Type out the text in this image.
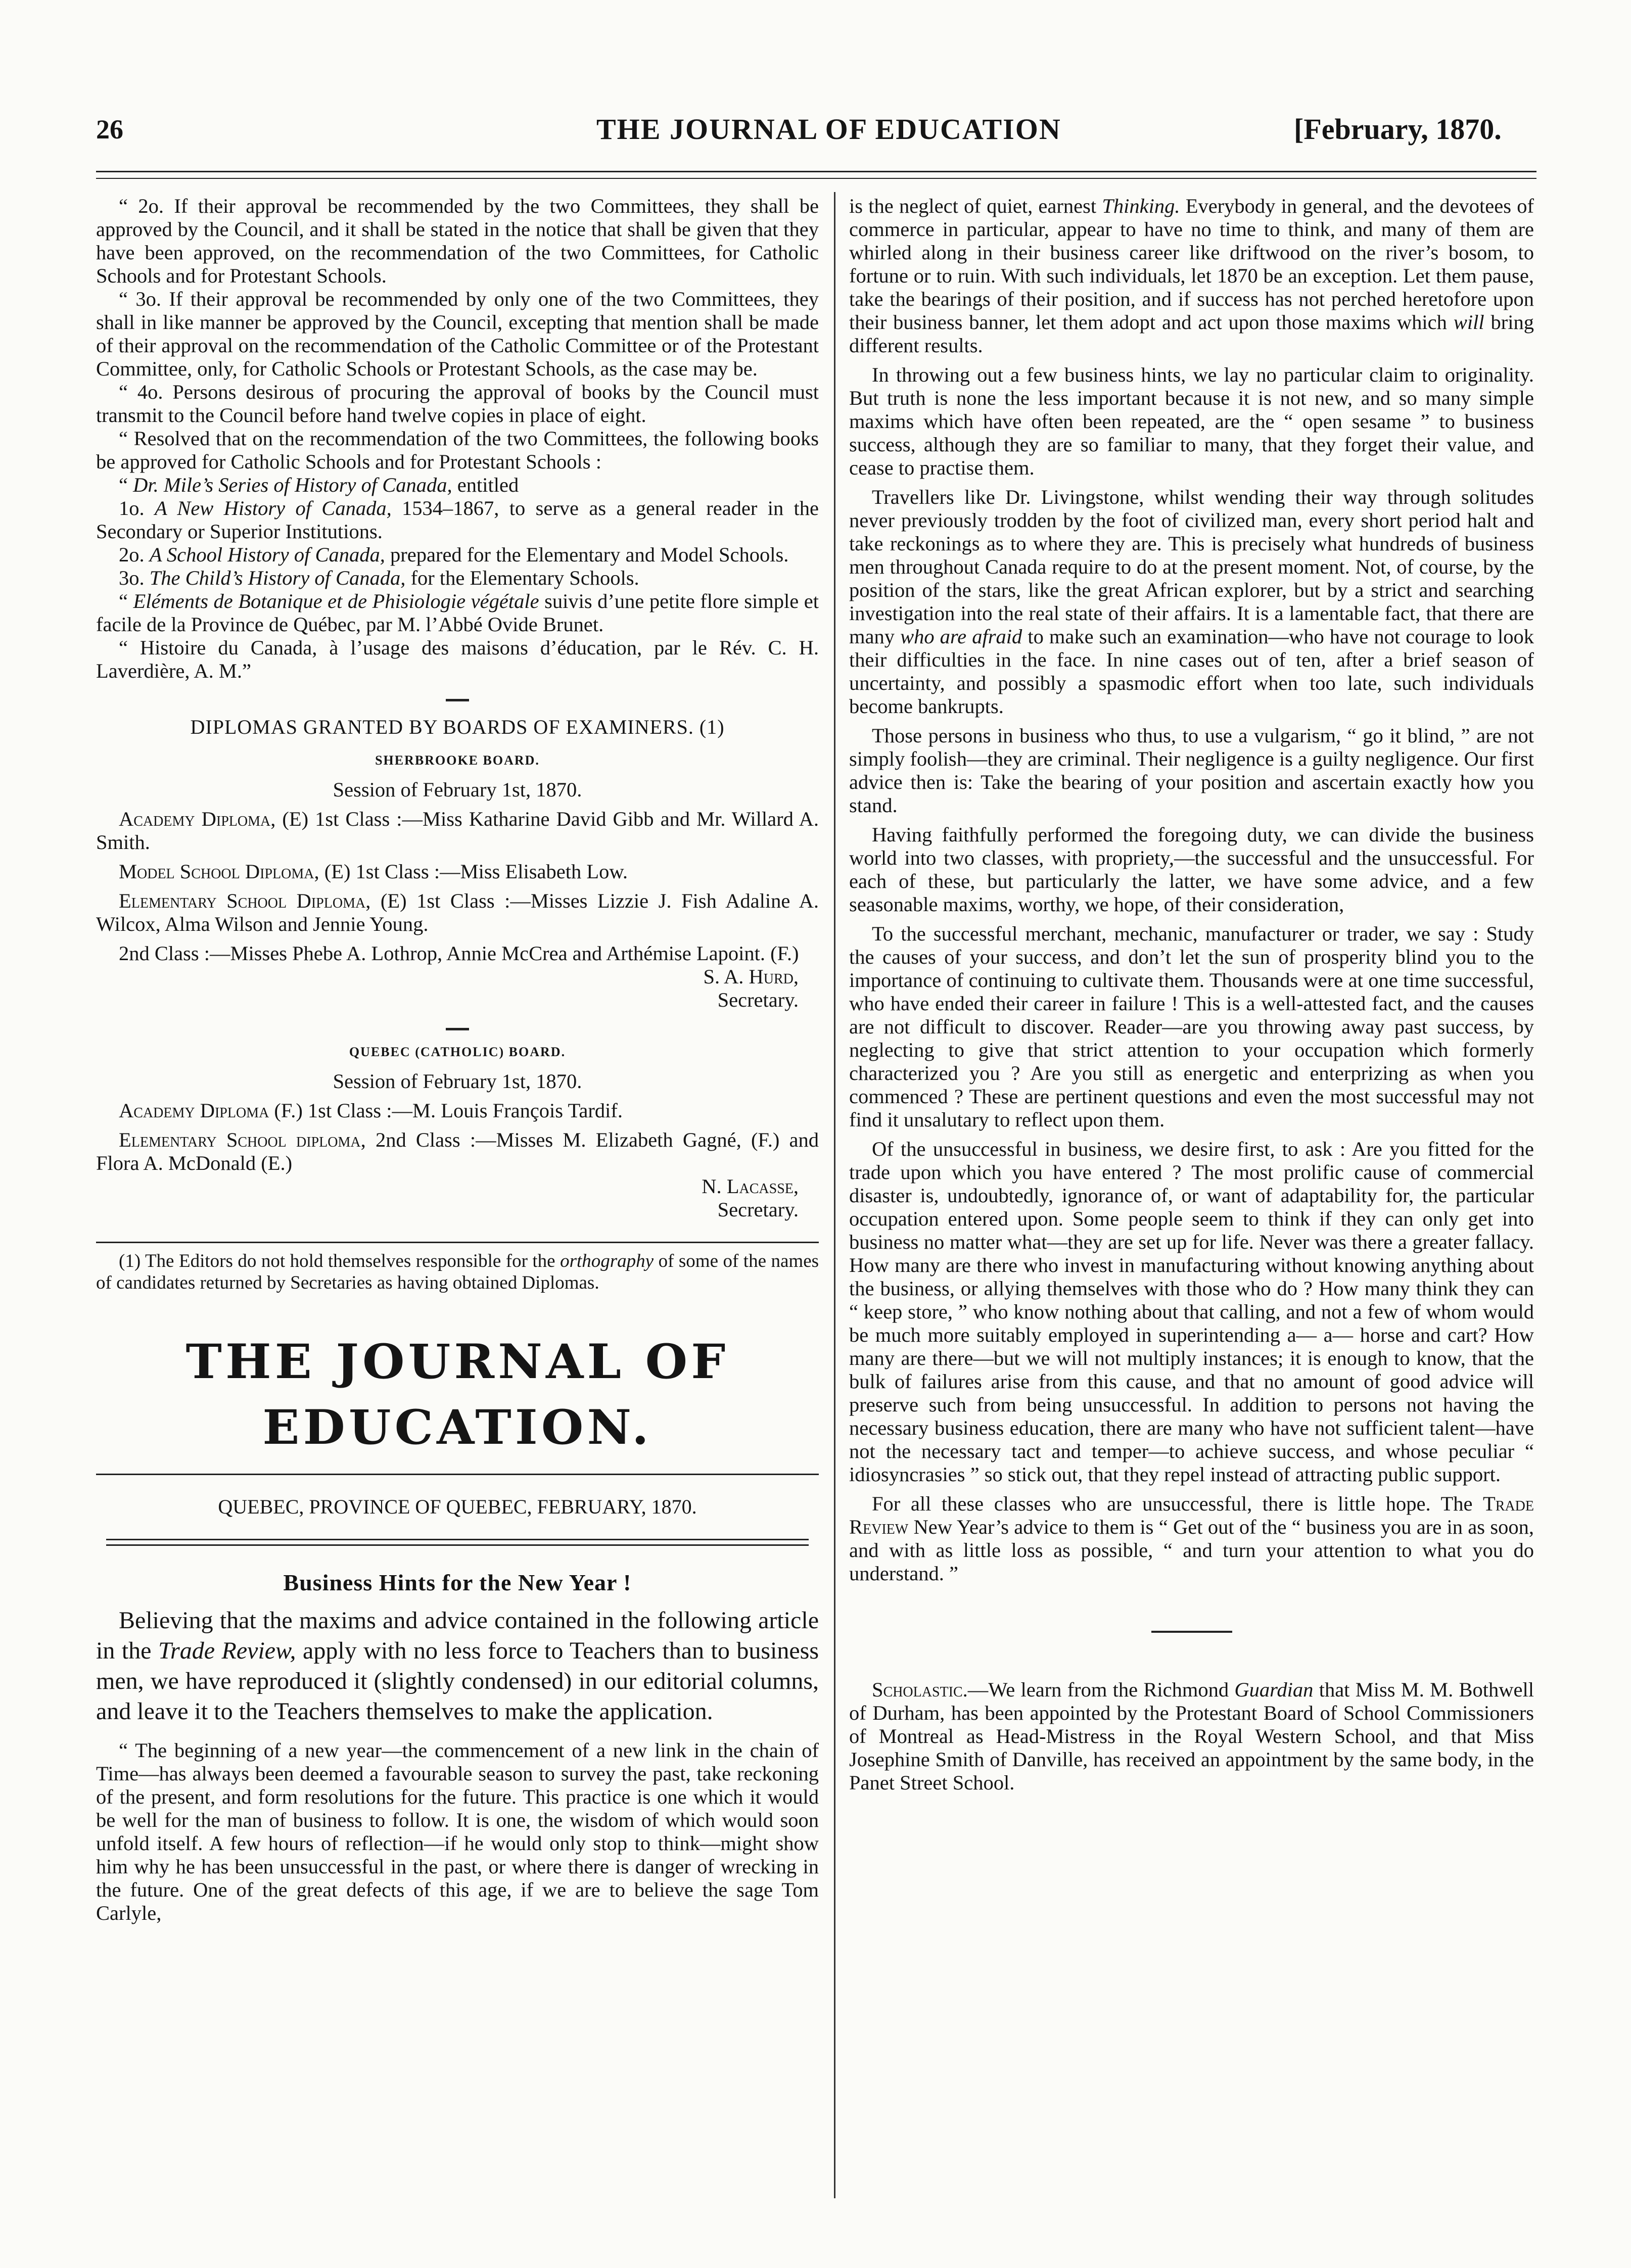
26	THE JOURNAL OF EDUCATION	[February, 1870.

“ 2o. If their approval be recommended by the two Committees, they shall be approved by the Council, and it shall be stated in the notice that shall be given that they have been approved, on the recommendation of the two Committees, for Catholic Schools and for Protestant Schools.

“ 3o. If their approval be recommended by only one of the two Committees, they shall in like manner be approved by the Council, excepting that mention shall be made of their approval on the recommendation of the Catholic Committee or of the Protestant Committee, only, for Catholic Schools or Protestant Schools, as the case may be.

“ 4o. Persons desirous of procuring the approval of books by the Council must transmit to the Council before hand twelve copies in place of eight.

“ Resolved that on the recommendation of the two Committees, the following books be approved for Catholic Schools and for Protestant Schools :

“ Dr. Mile’s Series of History of Canada, entitled

1o. A New History of Canada, 1534–1867, to serve as a general reader in the Secondary or Superior Institutions.

2o. A School History of Canada, prepared for the Elementary and Model Schools.

3o. The Child’s History of Canada, for the Elementary Schools.

“ Eléments de Botanique et de Phisiologie végétale suivis d’une petite flore simple et facile de la Province de Québec, par M. l’Abbé Ovide Brunet.

“ Histoire du Canada, à l’usage des maisons d’éducation, par le Rév. C. H. Laverdière, A. M.”

DIPLOMAS GRANTED BY BOARDS OF EXAMINERS. (1)

SHERBROOKE BOARD.

Session of February 1st, 1870.

Academy Diploma, (E) 1st Class :—Miss Katharine David Gibb and Mr. Willard A. Smith.

Model School Diploma, (E) 1st Class :—Miss Elisabeth Low.

Elementary School Diploma, (E) 1st Class :—Misses Lizzie J. Fish Adaline A. Wilcox, Alma Wilson and Jennie Young.

2nd Class :—Misses Phebe A. Lothrop, Annie McCrea and Arthémise Lapoint. (F.)

S. A. Hurd,

Secretary.

QUEBEC (CATHOLIC) BOARD.

Session of February 1st, 1870.

Academy Diploma (F.) 1st Class :—M. Louis François Tardif.

Elementary School diploma, 2nd Class :—Misses M. Elizabeth Gagné, (F.) and Flora A. McDonald (E.)

N. Lacasse,

Secretary.

(1) The Editors do not hold themselves responsible for the orthography of some of the names of candidates returned by Secretaries as having obtained Diplomas.

THE JOURNAL OF EDUCATION.

QUEBEC, PROVINCE OF QUEBEC, FEBRUARY, 1870.

Business Hints for the New Year !

Believing that the maxims and advice contained in the following article in the Trade Review, apply with no less force to Teachers than to business men, we have reproduced it (slightly condensed) in our editorial columns, and leave it to the Teachers themselves to make the application.

“ The beginning of a new year—the commencement of a new link in the chain of Time—has always been deemed a favourable season to survey the past, take reckoning of the present, and form resolutions for the future. This practice is one which it would be well for the man of business to follow. It is one, the wisdom of which would soon unfold itself. A few hours of reflection—if he would only stop to think—might show him why he has been unsuccessful in the past, or where there is danger of wrecking in the future. One of the great defects of this age, if we are to believe the sage Tom Carlyle,

is the neglect of quiet, earnest Thinking. Everybody in general, and the devotees of commerce in particular, appear to have no time to think, and many of them are whirled along in their business career like driftwood on the river’s bosom, to fortune or to ruin. With such individuals, let 1870 be an exception. Let them pause, take the bearings of their position, and if success has not perched heretofore upon their business banner, let them adopt and act upon those maxims which will bring different results.

In throwing out a few business hints, we lay no particular claim to originality. But truth is none the less important because it is not new, and so many simple maxims which have often been repeated, are the “ open sesame ” to business success, although they are so familiar to many, that they forget their value, and cease to practise them.

Travellers like Dr. Livingstone, whilst wending their way through solitudes never previously trodden by the foot of civilized man, every short period halt and take reckonings as to where they are. This is precisely what hundreds of business men throughout Canada require to do at the present moment. Not, of course, by the position of the stars, like the great African explorer, but by a strict and searching investigation into the real state of their affairs. It is a lamentable fact, that there are many who are afraid to make such an examination—who have not courage to look their difficulties in the face. In nine cases out of ten, after a brief season of uncertainty, and possibly a spasmodic effort when too late, such individuals become bankrupts.

Those persons in business who thus, to use a vulgarism, “ go it blind, ” are not simply foolish—they are criminal. Their negligence is a guilty negligence. Our first advice then is: Take the bearing of your position and ascertain exactly how you stand.

Having faithfully performed the foregoing duty, we can divide the business world into two classes, with propriety,—the successful and the unsuccessful. For each of these, but particularly the latter, we have some advice, and a few seasonable maxims, worthy, we hope, of their consideration,

To the successful merchant, mechanic, manufacturer or trader, we say : Study the causes of your success, and don’t let the sun of prosperity blind you to the importance of continuing to cultivate them. Thousands were at one time successful, who have ended their career in failure ! This is a well-attested fact, and the causes are not difficult to discover. Reader—are you throwing away past success, by neglecting to give that strict attention to your occupation which formerly characterized you ? Are you still as energetic and enterprizing as when you commenced ? These are pertinent questions and even the most successful may not find it unsalutary to reflect upon them.

Of the unsuccessful in business, we desire first, to ask : Are you fitted for the trade upon which you have entered ? The most prolific cause of commercial disaster is, undoubtedly, ignorance of, or want of adaptability for, the particular occupation entered upon. Some people seem to think if they can only get into business no matter what—they are set up for life. Never was there a greater fallacy. How many are there who invest in manufacturing without knowing anything about the business, or allying themselves with those who do ? How many think they can “ keep store, ” who know nothing about that calling, and not a few of whom would be much more suitably employed in superintending a— a— horse and cart? How many are there—but we will not multiply instances; it is enough to know, that the bulk of failures arise from this cause, and that no amount of good advice will preserve such from being unsuccessful. In addition to persons not having the necessary business education, there are many who have not sufficient talent—have not the necessary tact and temper—to achieve success, and whose peculiar “ idiosyncrasies ” so stick out, that they repel instead of attracting public support.

For all these classes who are unsuccessful, there is little hope. The Trade Review New Year’s advice to them is “ Get out of the “ business you are in as soon, and with as little loss as possible, “ and turn your attention to what you do understand. ”

Scholastic.—We learn from the Richmond Guardian that Miss M. M. Bothwell of Durham, has been appointed by the Protestant Board of School Commissioners of Montreal as Head-Mistress in the Royal Western School, and that Miss Josephine Smith of Danville, has received an appointment by the same body, in the Panet Street School.
